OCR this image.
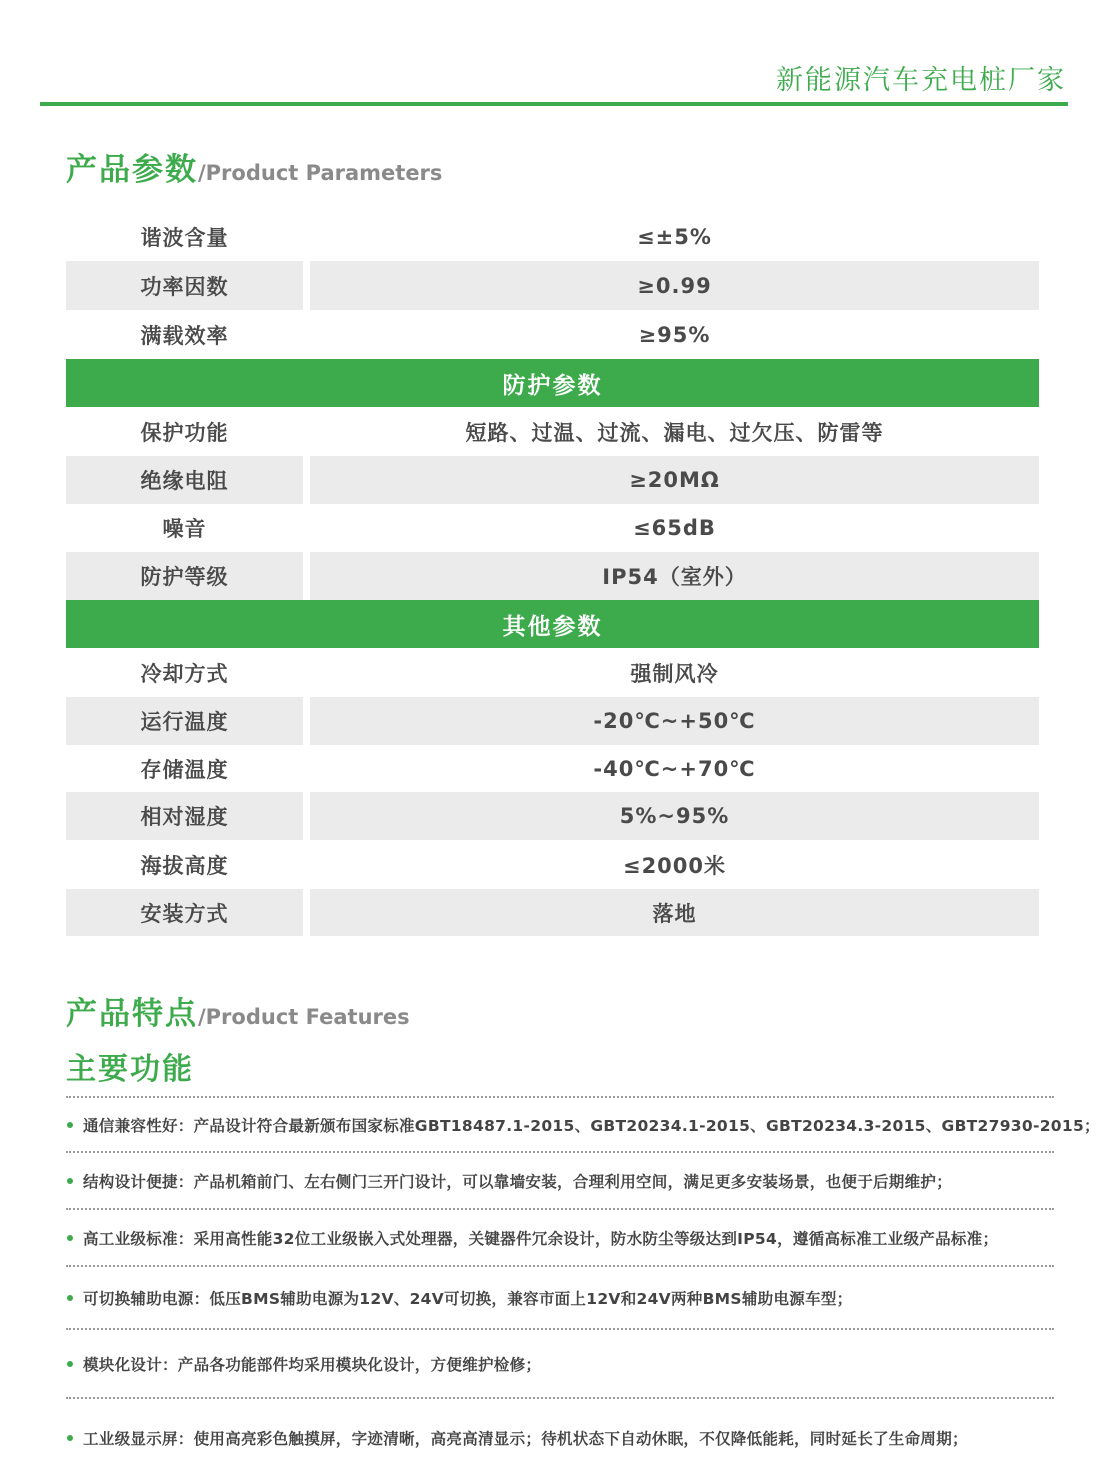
新能源汽车充电桩厂家
产品参数/Product Parameters
谐波含量	≤±5%
功率因数	≥0.99
满载效率	≥95%
防护参数
保护功能	短路、过温、过流、漏电、过欠压、防雷等
绝缘电阻	≥20MΩ
噪音	≤65dB
防护等级	IP54（室外）
其他参数
冷却方式	强制风冷
运行温度	-20℃~+50℃
存储温度	-40℃~+70℃
相对湿度	5%~95%
海拔高度	≤2000米
安装方式	落地
产品特点/Product Features
主要功能
通信兼容性好：产品设计符合最新颁布国家标准GBT18487.1-2015、GBT20234.1-2015、GBT20234.3-2015、GBT27930-2015；
结构设计便捷：产品机箱前门、左右侧门三开门设计，可以靠墙安装，合理利用空间，满足更多安装场景，也便于后期维护；
高工业级标准：采用高性能32位工业级嵌入式处理器，关键器件冗余设计，防水防尘等级达到IP54，遵循高标准工业级产品标准；
可切换辅助电源：低压BMS辅助电源为12V、24V可切换，兼容市面上12V和24V两种BMS辅助电源车型；
模块化设计：产品各功能部件均采用模块化设计，方便维护检修；
工业级显示屏：使用高亮彩色触摸屏，字迹清晰，高亮高清显示；待机状态下自动休眠，不仅降低能耗，同时延长了生命周期；
